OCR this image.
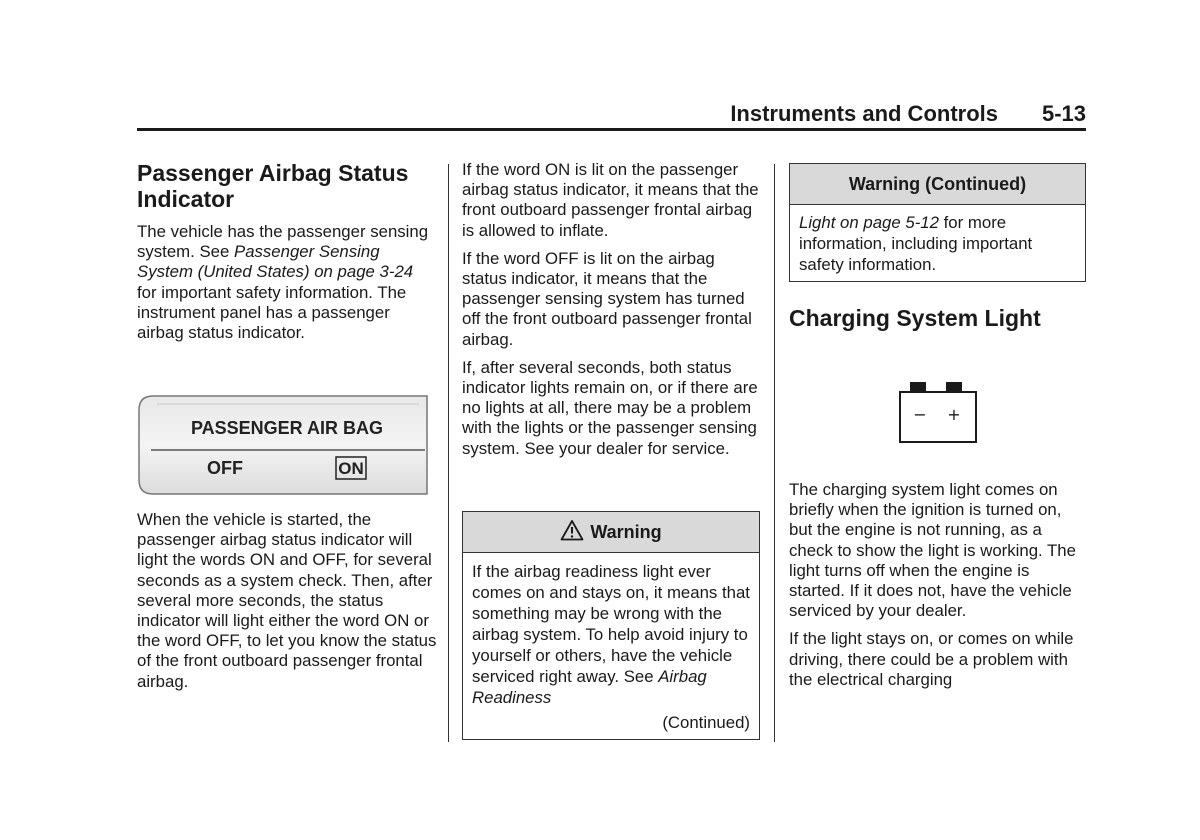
Instruments and Controls 5-13
Passenger Airbag Status Indicator

The vehicle has the passenger sensing system. See Passenger Sensing System (United States) on page 3-24 for important safety information. The instrument panel has a passenger airbag status indicator.

PASSENGER AIR BAG
OFF	ON

When the vehicle is started, the passenger airbag status indicator will light the words ON and OFF, for several seconds as a system check. Then, after several more seconds, the status indicator will light either the word ON or the word OFF, to let you know the status of the front outboard passenger frontal airbag.

If the word ON is lit on the passenger airbag status indicator, it means that the front outboard passenger frontal airbag is allowed to inflate.

If the word OFF is lit on the airbag status indicator, it means that the passenger sensing system has turned off the front outboard passenger frontal airbag.

If, after several seconds, both status indicator lights remain on, or if there are no lights at all, there may be a problem with the lights or the passenger sensing system. See your dealer for service.

Warning
If the airbag readiness light ever comes on and stays on, it means that something may be wrong with the airbag system. To help avoid injury to yourself or others, have the vehicle serviced right away. See Airbag Readiness
(Continued)
Warning (Continued)
Light on page 5-12 for more information, including important safety information.
Charging System Light
− +

The charging system light comes on briefly when the ignition is turned on, but the engine is not running, as a check to show the light is working. The light turns off when the engine is started. If it does not, have the vehicle serviced by your dealer.

If the light stays on, or comes on while driving, there could be a problem with the electrical charging
